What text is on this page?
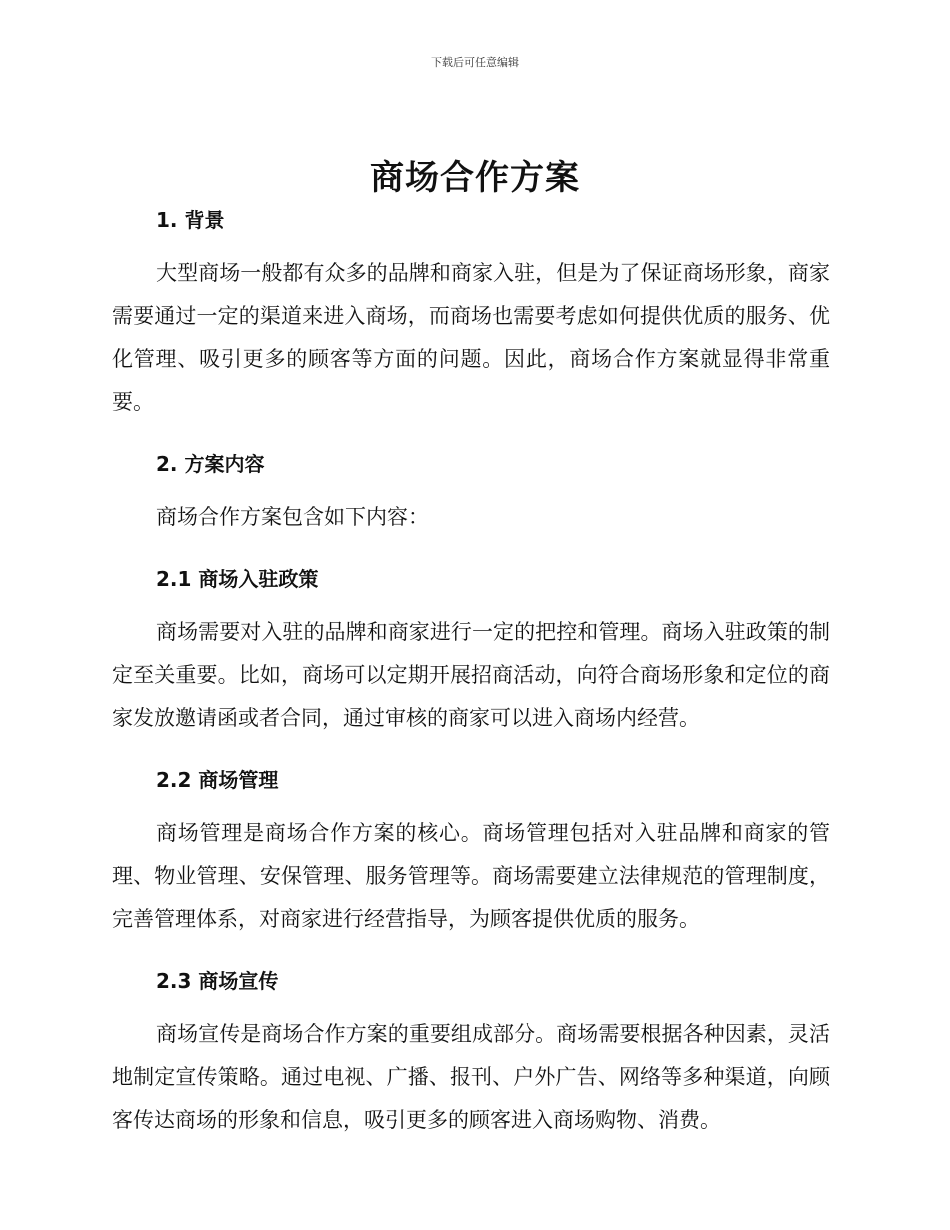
下载后可任意编辑
商场合作方案
1. 背景

大型商场一般都有众多的品牌和商家入驻，但是为了保证商场形象，商家需要通过一定的渠道来进入商场，而商场也需要考虑如何提供优质的服务、优化管理、吸引更多的顾客等方面的问题。因此，商场合作方案就显得非常重要。

2. 方案内容

商场合作方案包含如下内容：

2.1 商场入驻政策

商场需要对入驻的品牌和商家进行一定的把控和管理。商场入驻政策的制定至关重要。比如，商场可以定期开展招商活动，向符合商场形象和定位的商家发放邀请函或者合同，通过审核的商家可以进入商场内经营。

2.2 商场管理

商场管理是商场合作方案的核心。商场管理包括对入驻品牌和商家的管理、物业管理、安保管理、服务管理等。商场需要建立法律规范的管理制度，完善管理体系，对商家进行经营指导，为顾客提供优质的服务。

2.3 商场宣传

商场宣传是商场合作方案的重要组成部分。商场需要根据各种因素，灵活地制定宣传策略。通过电视、广播、报刊、户外广告、网络等多种渠道，向顾客传达商场的形象和信息，吸引更多的顾客进入商场购物、消费。
